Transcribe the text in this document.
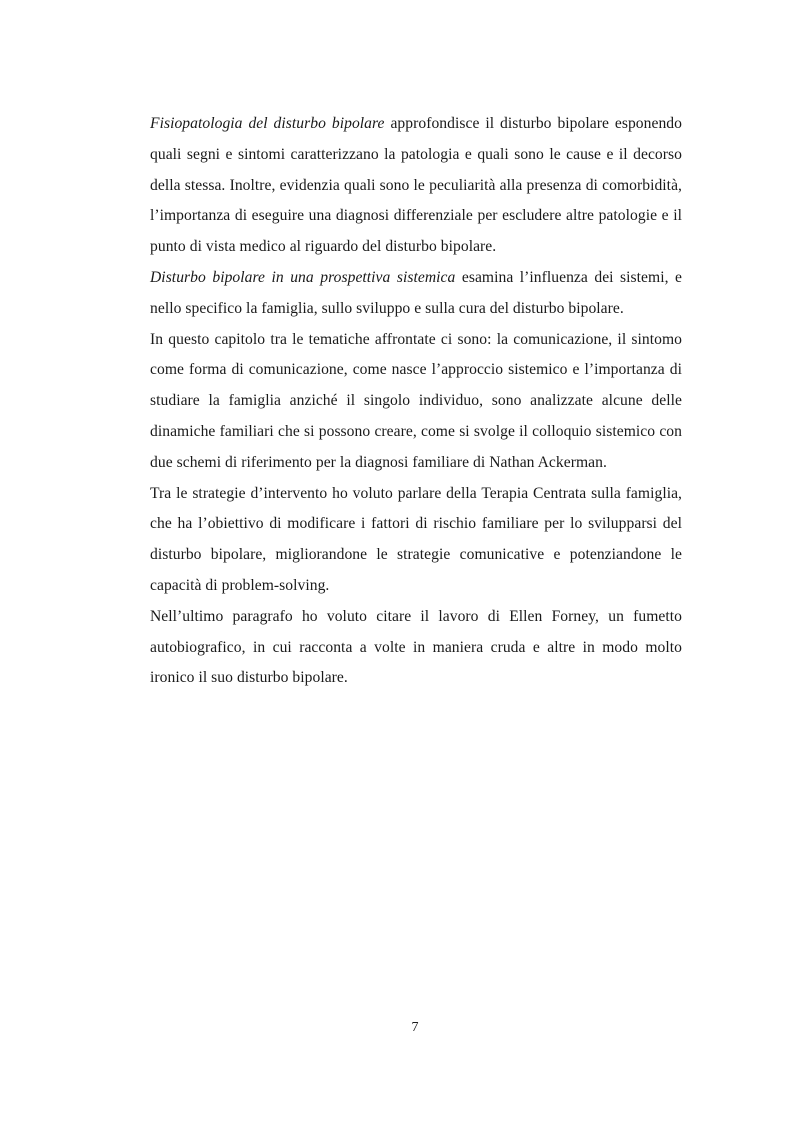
Fisiopatologia del disturbo bipolare approfondisce il disturbo bipolare esponendo quali segni e sintomi caratterizzano la patologia e quali sono le cause e il decorso della stessa. Inoltre, evidenzia quali sono le peculiarità alla presenza di comorbidità, l’importanza di eseguire una diagnosi differenziale per escludere altre patologie e il punto di vista medico al riguardo del disturbo bipolare.

Disturbo bipolare in una prospettiva sistemica esamina l’influenza dei sistemi, e nello specifico la famiglia, sullo sviluppo e sulla cura del disturbo bipolare.

In questo capitolo tra le tematiche affrontate ci sono: la comunicazione, il sintomo come forma di comunicazione, come nasce l’approccio sistemico e l’importanza di studiare la famiglia anziché il singolo individuo, sono analizzate alcune delle dinamiche familiari che si possono creare, come si svolge il colloquio sistemico con due schemi di riferimento per la diagnosi familiare di Nathan Ackerman.

Tra le strategie d’intervento ho voluto parlare della Terapia Centrata sulla famiglia, che ha l’obiettivo di modificare i fattori di rischio familiare per lo svilupparsi del disturbo bipolare, migliorandone le strategie comunicative e potenziandone le capacità di problem-solving.

Nell’ultimo paragrafo ho voluto citare il lavoro di Ellen Forney, un fumetto autobiografico, in cui racconta a volte in maniera cruda e altre in modo molto ironico il suo disturbo bipolare.

7
